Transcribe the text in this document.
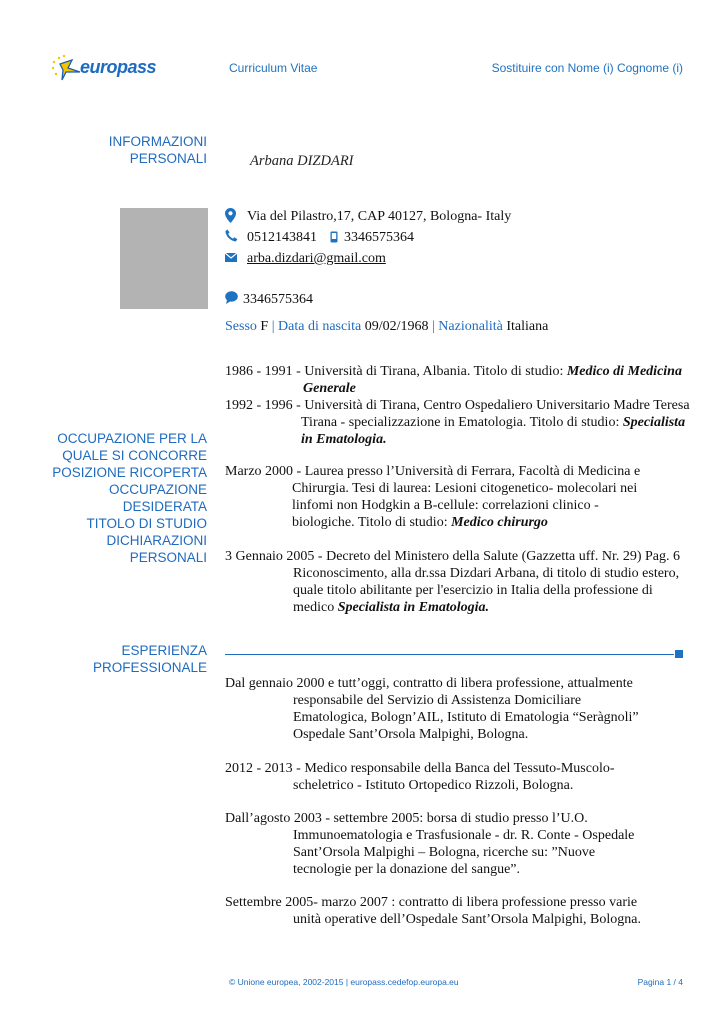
europass	Curriculum Vitae	Sostituire con Nome (i) Cognome (i)
INFORMAZIONI
PERSONALI	Arbana DIZDARI
Via del Pilastro,17, CAP 40127, Bologna- Italy
0512143841 3346575364
arba.dizdari@gmail.com
3346575364
Sesso F | Data di nascita 09/02/1968 | Nazionalità Italiana
OCCUPAZIONE PER LA
QUALE SI CONCORRE
POSIZIONE RICOPERTA
OCCUPAZIONE
DESIDERATA
TITOLO DI STUDIO
DICHIARAZIONI
PERSONALI
1986 - 1991 - Università di Tirana, Albania. Titolo di studio: Medico di Medicina
Generale
1992 - 1996 - Università di Tirana, Centro Ospedaliero Universitario Madre Teresa
Tirana - specializzazione in Ematologia. Titolo di studio: Specialista
in Ematologia.
Marzo 2000 - Laurea presso l’Università di Ferrara, Facoltà di Medicina e
Chirurgia. Tesi di laurea: Lesioni citogenetico- molecolari nei
linfomi non Hodgkin a B-cellule: correlazioni clinico -
biologiche. Titolo di studio: Medico chirurgo
3 Gennaio 2005 - Decreto del Ministero della Salute (Gazzetta uff. Nr. 29) Pag. 6
Riconoscimento, alla dr.ssa Dizdari Arbana, di titolo di studio estero,
quale titolo abilitante per l'esercizio in Italia della professione di
medico Specialista in Ematologia.
ESPERIENZA
PROFESSIONALE
Dal gennaio 2000 e tutt’oggi, contratto di libera professione, attualmente
responsabile del Servizio di Assistenza Domiciliare
Ematologica, Bologn’AIL, Istituto di Ematologia “Seràgnoli”
Ospedale Sant’Orsola Malpighi, Bologna.
2012 - 2013 - Medico responsabile della Banca del Tessuto-Muscolo-
scheletrico - Istituto Ortopedico Rizzoli, Bologna.
Dall’agosto 2003 - settembre 2005: borsa di studio presso l’U.O.
Immunoematologia e Trasfusionale - dr. R. Conte - Ospedale
Sant’Orsola Malpighi – Bologna, ricerche su: ”Nuove
tecnologie per la donazione del sangue”.
Settembre 2005- marzo 2007 : contratto di libera professione presso varie
unità operative dell’Ospedale Sant’Orsola Malpighi, Bologna.
© Unione europea, 2002-2015 | europass.cedefop.europa.eu	Pagina 1 / 4
